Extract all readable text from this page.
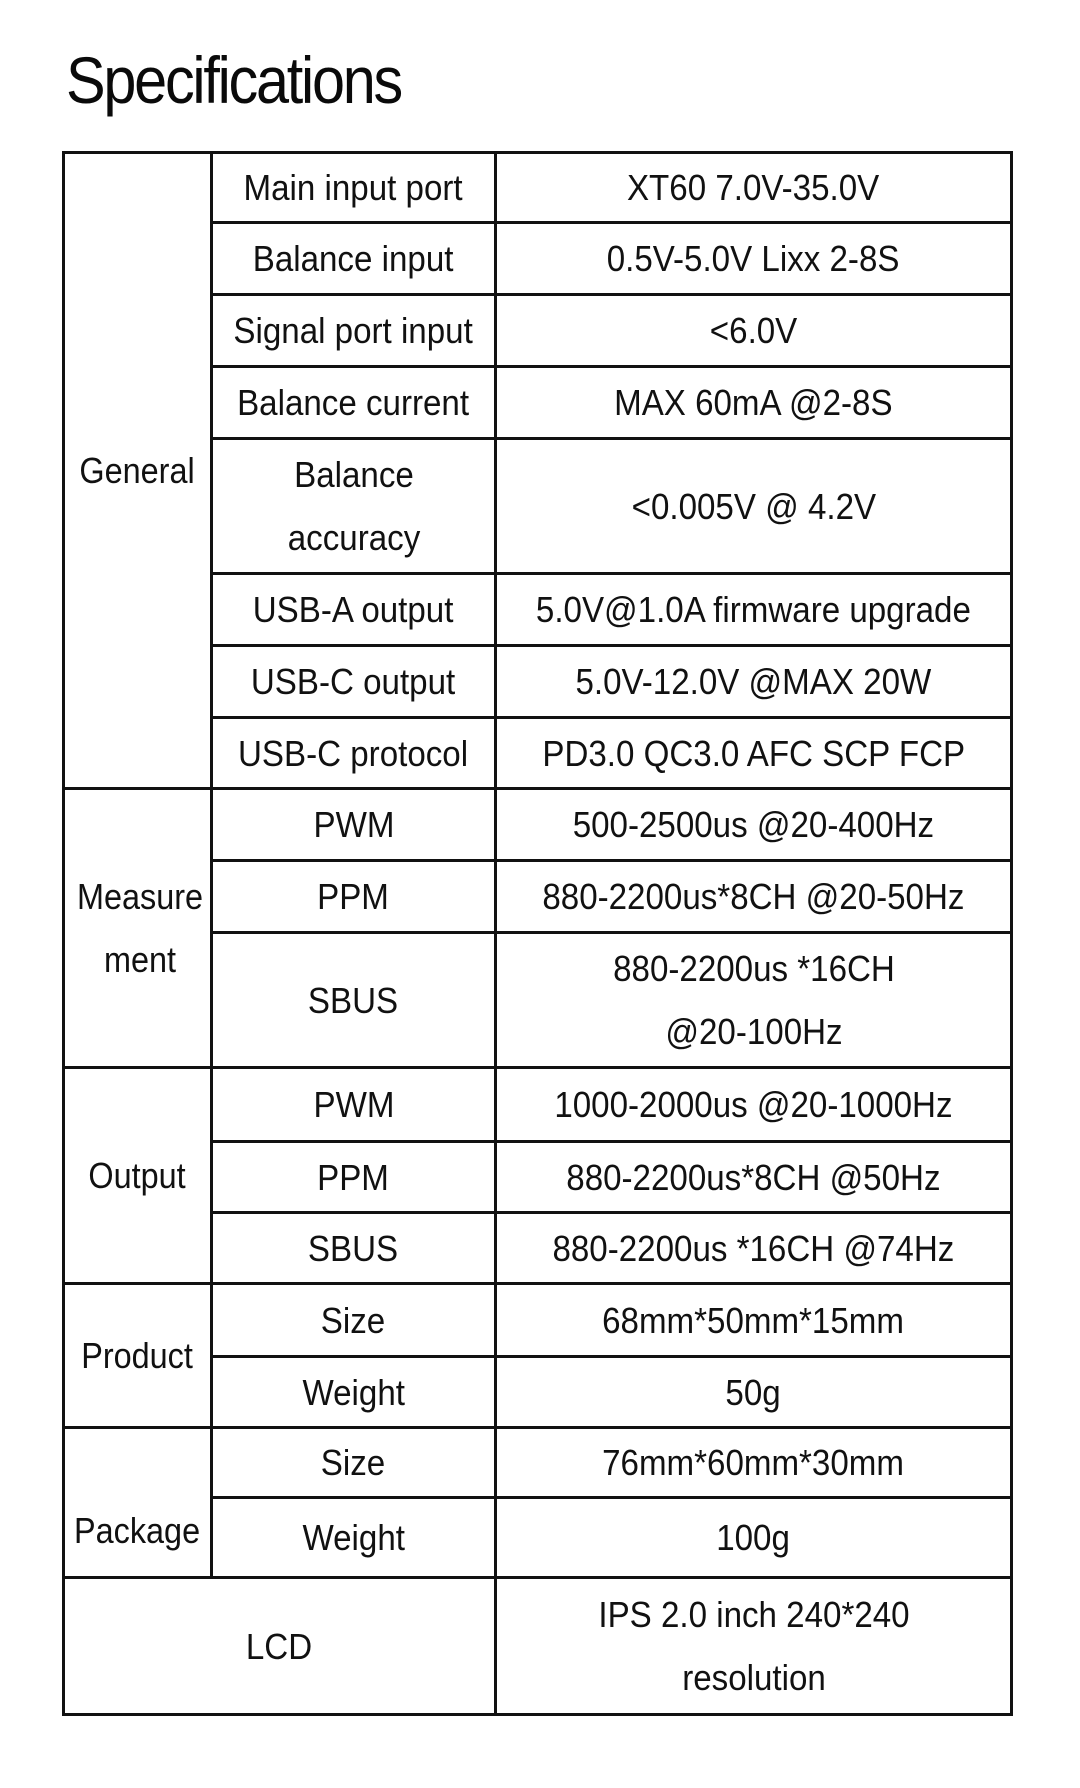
Specifications
General	Main input port	XT60 7.0V-35.0V
	Balance input	0.5V-5.0V Lixx 2-8S
	Signal port input	<6.0V
	Balance current	MAX 60mA @2-8S
	Balance accuracy	<0.005V @ 4.2V
	USB-A output	5.0V@1.0A firmware upgrade
	USB-C output	5.0V-12.0V @MAX 20W
	USB-C protocol	PD3.0 QC3.0 AFC SCP FCP
Measure ment	PWM	500-2500us @20-400Hz
	PPM	880-2200us*8CH @20-50Hz
	SBUS	880-2200us *16CH @20-100Hz
Output	PWM	1000-2000us @20-1000Hz
	PPM	880-2200us*8CH @50Hz
	SBUS	880-2200us *16CH @74Hz
Product	Size	68mm*50mm*15mm
	Weight	50g
Package	Size	76mm*60mm*30mm
	Weight	100g
LCD		IPS 2.0 inch 240*240 resolution
